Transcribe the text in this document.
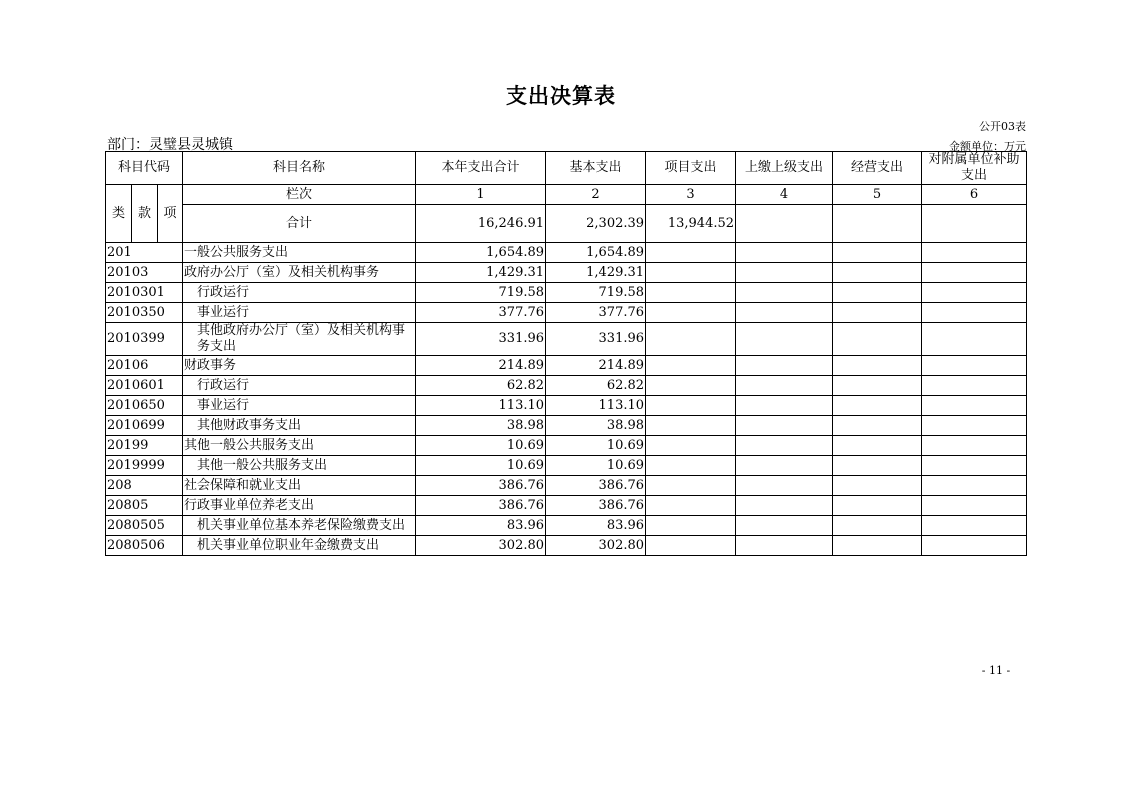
支出决算表
公开03表
部门：灵璧县灵城镇	金额单位：万元
科目代码			科目名称	本年支出合计	基本支出	项目支出	上缴上级支出	经营支出	对附属单位补助支出
类	款	项	栏次	1	2	3	4	5	6
			合计	16,246.91	2,302.39	13,944.52			
201			一般公共服务支出	1,654.89	1,654.89				
20103			政府办公厅（室）及相关机构事务	1,429.31	1,429.31				
2010301			行政运行	719.58	719.58				
2010350			事业运行	377.76	377.76				
2010399			其他政府办公厅（室）及相关机构事务支出	331.96	331.96				
20106			财政事务	214.89	214.89				
2010601			行政运行	62.82	62.82				
2010650			事业运行	113.10	113.10				
2010699			其他财政事务支出	38.98	38.98				
20199			其他一般公共服务支出	10.69	10.69				
2019999			其他一般公共服务支出	10.69	10.69				
208			社会保障和就业支出	386.76	386.76				
20805			行政事业单位养老支出	386.76	386.76				
2080505			机关事业单位基本养老保险缴费支出	83.96	83.96				
2080506			机关事业单位职业年金缴费支出	302.80	302.80				
- 11 -
